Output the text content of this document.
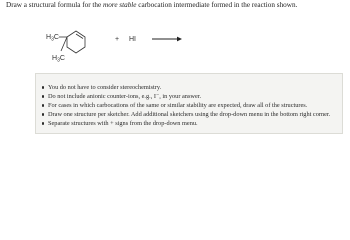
Draw a structural formula for the more stable carbocation intermediate formed in the reaction shown.
$H_3C$
$H_3C$
+ HI
You do not have to consider stereochemistry.
Do not include anionic counter-ions, e.g., I⁻, in your answer.
For cases in which carbocations of the same or similar stability are expected, draw all of the structures.
Draw one structure per sketcher. Add additional sketchers using the drop-down menu in the bottom right corner.
Separate structures with + signs from the drop-down menu.
